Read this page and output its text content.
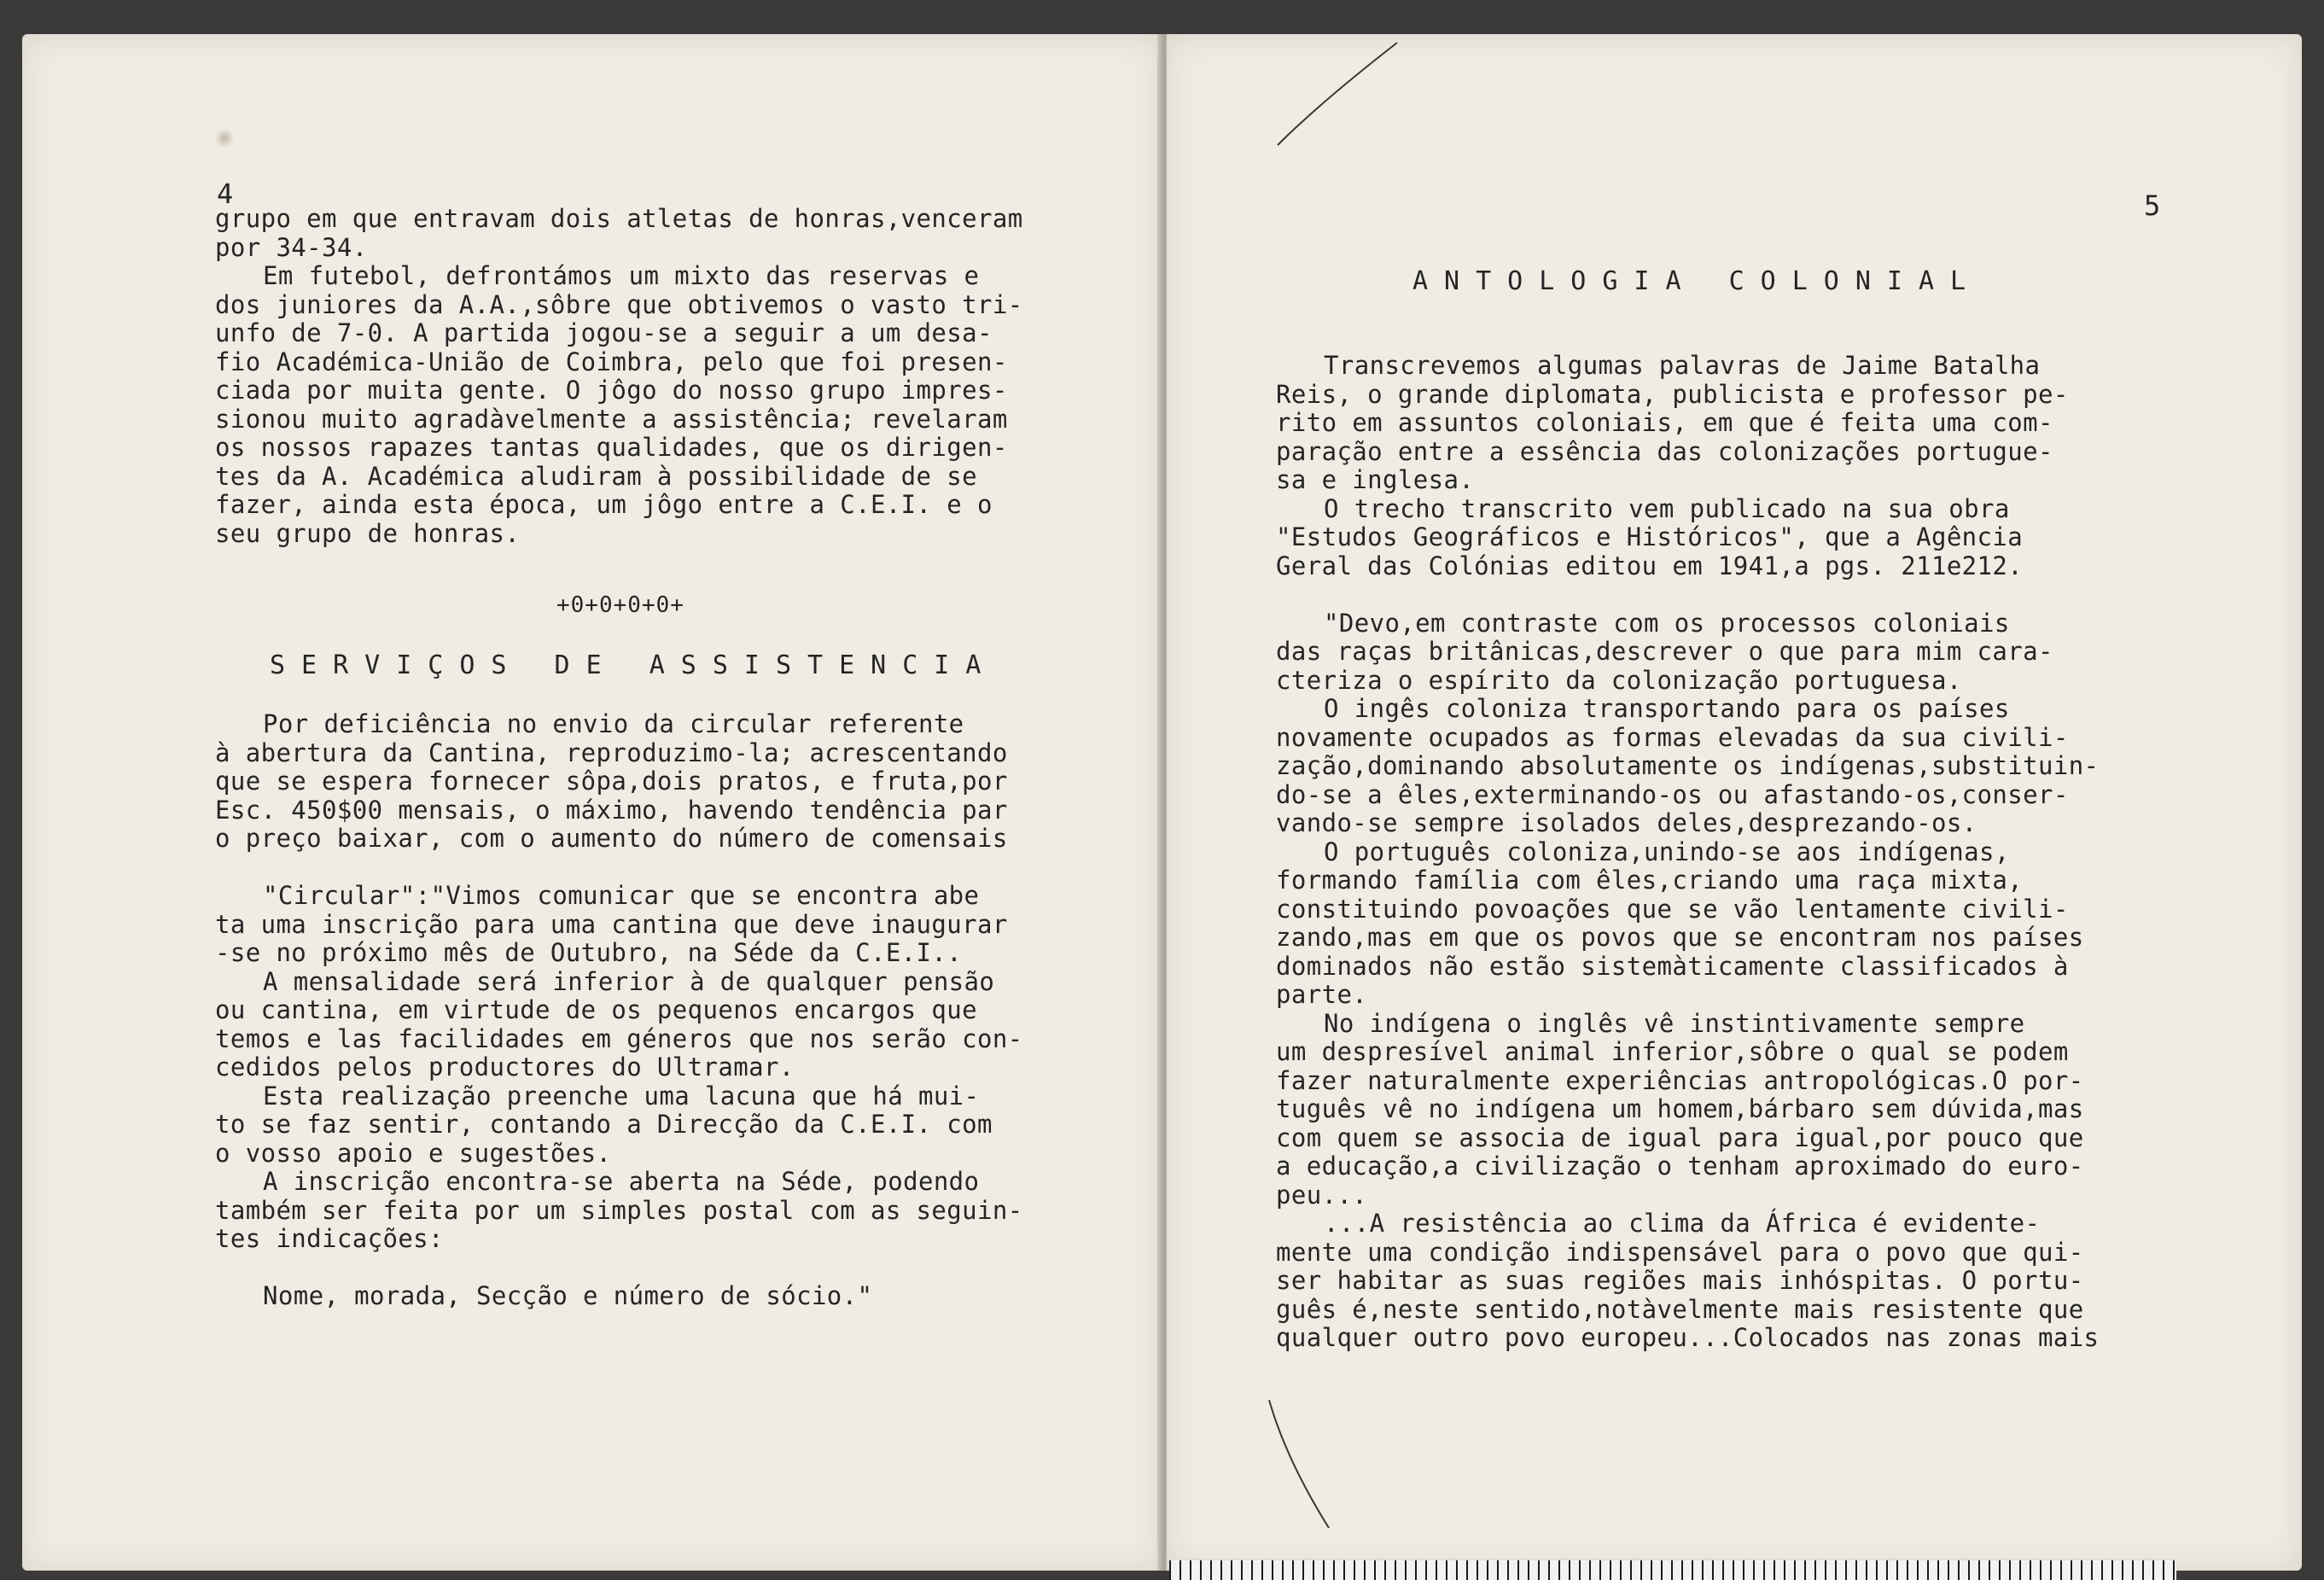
4
grupo em que entravam dois atletas de honras,venceram
por 34-34.
Em futebol, defrontámos um mixto das reservas e
dos juniores da A.A.,sôbre que obtivemos o vasto tri-
unfo de 7-0. A partida jogou-se a seguir a um desa-
fio Académica-União de Coimbra, pelo que foi presen-
ciada por muita gente. O jôgo do nosso grupo impres-
sionou muito agradàvelmente a assistência; revelaram
os nossos rapazes tantas qualidades, que os dirigen-
tes da A. Académica aludiram à possibilidade de se
fazer, ainda esta época, um jôgo entre a C.E.I. e o
seu grupo de honras.
+0+0+0+0+
SERVIÇOS DE ASSISTENCIA
Por deficiência no envio da circular referente
à abertura da Cantina, reproduzimo-la; acrescentando
que se espera fornecer sôpa,dois pratos, e fruta,por
Esc. 450$00 mensais, o máximo, havendo tendência par
o preço baixar, com o aumento do número de comensais

"Circular":"Vimos comunicar que se encontra abe
ta uma inscrição para uma cantina que deve inaugurar
-se no próximo mês de Outubro, na Séde da C.E.I..
A mensalidade será inferior à de qualquer pensão
ou cantina, em virtude de os pequenos encargos que
temos e las facilidades em géneros que nos serão con-
cedidos pelos productores do Ultramar.
Esta realização preenche uma lacuna que há mui-
to se faz sentir, contando a Direcção da C.E.I. com
o vosso apoio e sugestões.
A inscrição encontra-se aberta na Séde, podendo
também ser feita por um simples postal com as seguin-
tes indicações:

Nome, morada, Secção e número de sócio."
5
ANTOLOGIA COLONIAL
Transcrevemos algumas palavras de Jaime Batalha
Reis, o grande diplomata, publicista e professor pe-
rito em assuntos coloniais, em que é feita uma com-
paração entre a essência das colonizações portugue-
sa e inglesa.
O trecho transcrito vem publicado na sua obra
"Estudos Geográficos e Históricos", que a Agência
Geral das Colónias editou em 1941,a pgs. 211e212.

"Devo,em contraste com os processos coloniais
das raças britânicas,descrever o que para mim cara-
cteriza o espírito da colonização portuguesa.
O ingês coloniza transportando para os países
novamente ocupados as formas elevadas da sua civili-
zação,dominando absolutamente os indígenas,substituin-
do-se a êles,exterminando-os ou afastando-os,conser-
vando-se sempre isolados deles,desprezando-os.
O português coloniza,unindo-se aos indígenas,
formando família com êles,criando uma raça mixta,
constituindo povoações que se vão lentamente civili-
zando,mas em que os povos que se encontram nos países
dominados não estão sistemàticamente classificados à
parte.
No indígena o inglês vê instintivamente sempre
um despresível animal inferior,sôbre o qual se podem
fazer naturalmente experiências antropológicas.O por-
tuguês vê no indígena um homem,bárbaro sem dúvida,mas
com quem se associa de igual para igual,por pouco que
a educação,a civilização o tenham aproximado do euro-
peu...
...A resistência ao clima da África é evidente-
mente uma condição indispensável para o povo que qui-
ser habitar as suas regiões mais inhóspitas. O portu-
guês é,neste sentido,notàvelmente mais resistente que
qualquer outro povo europeu...Colocados nas zonas mais
